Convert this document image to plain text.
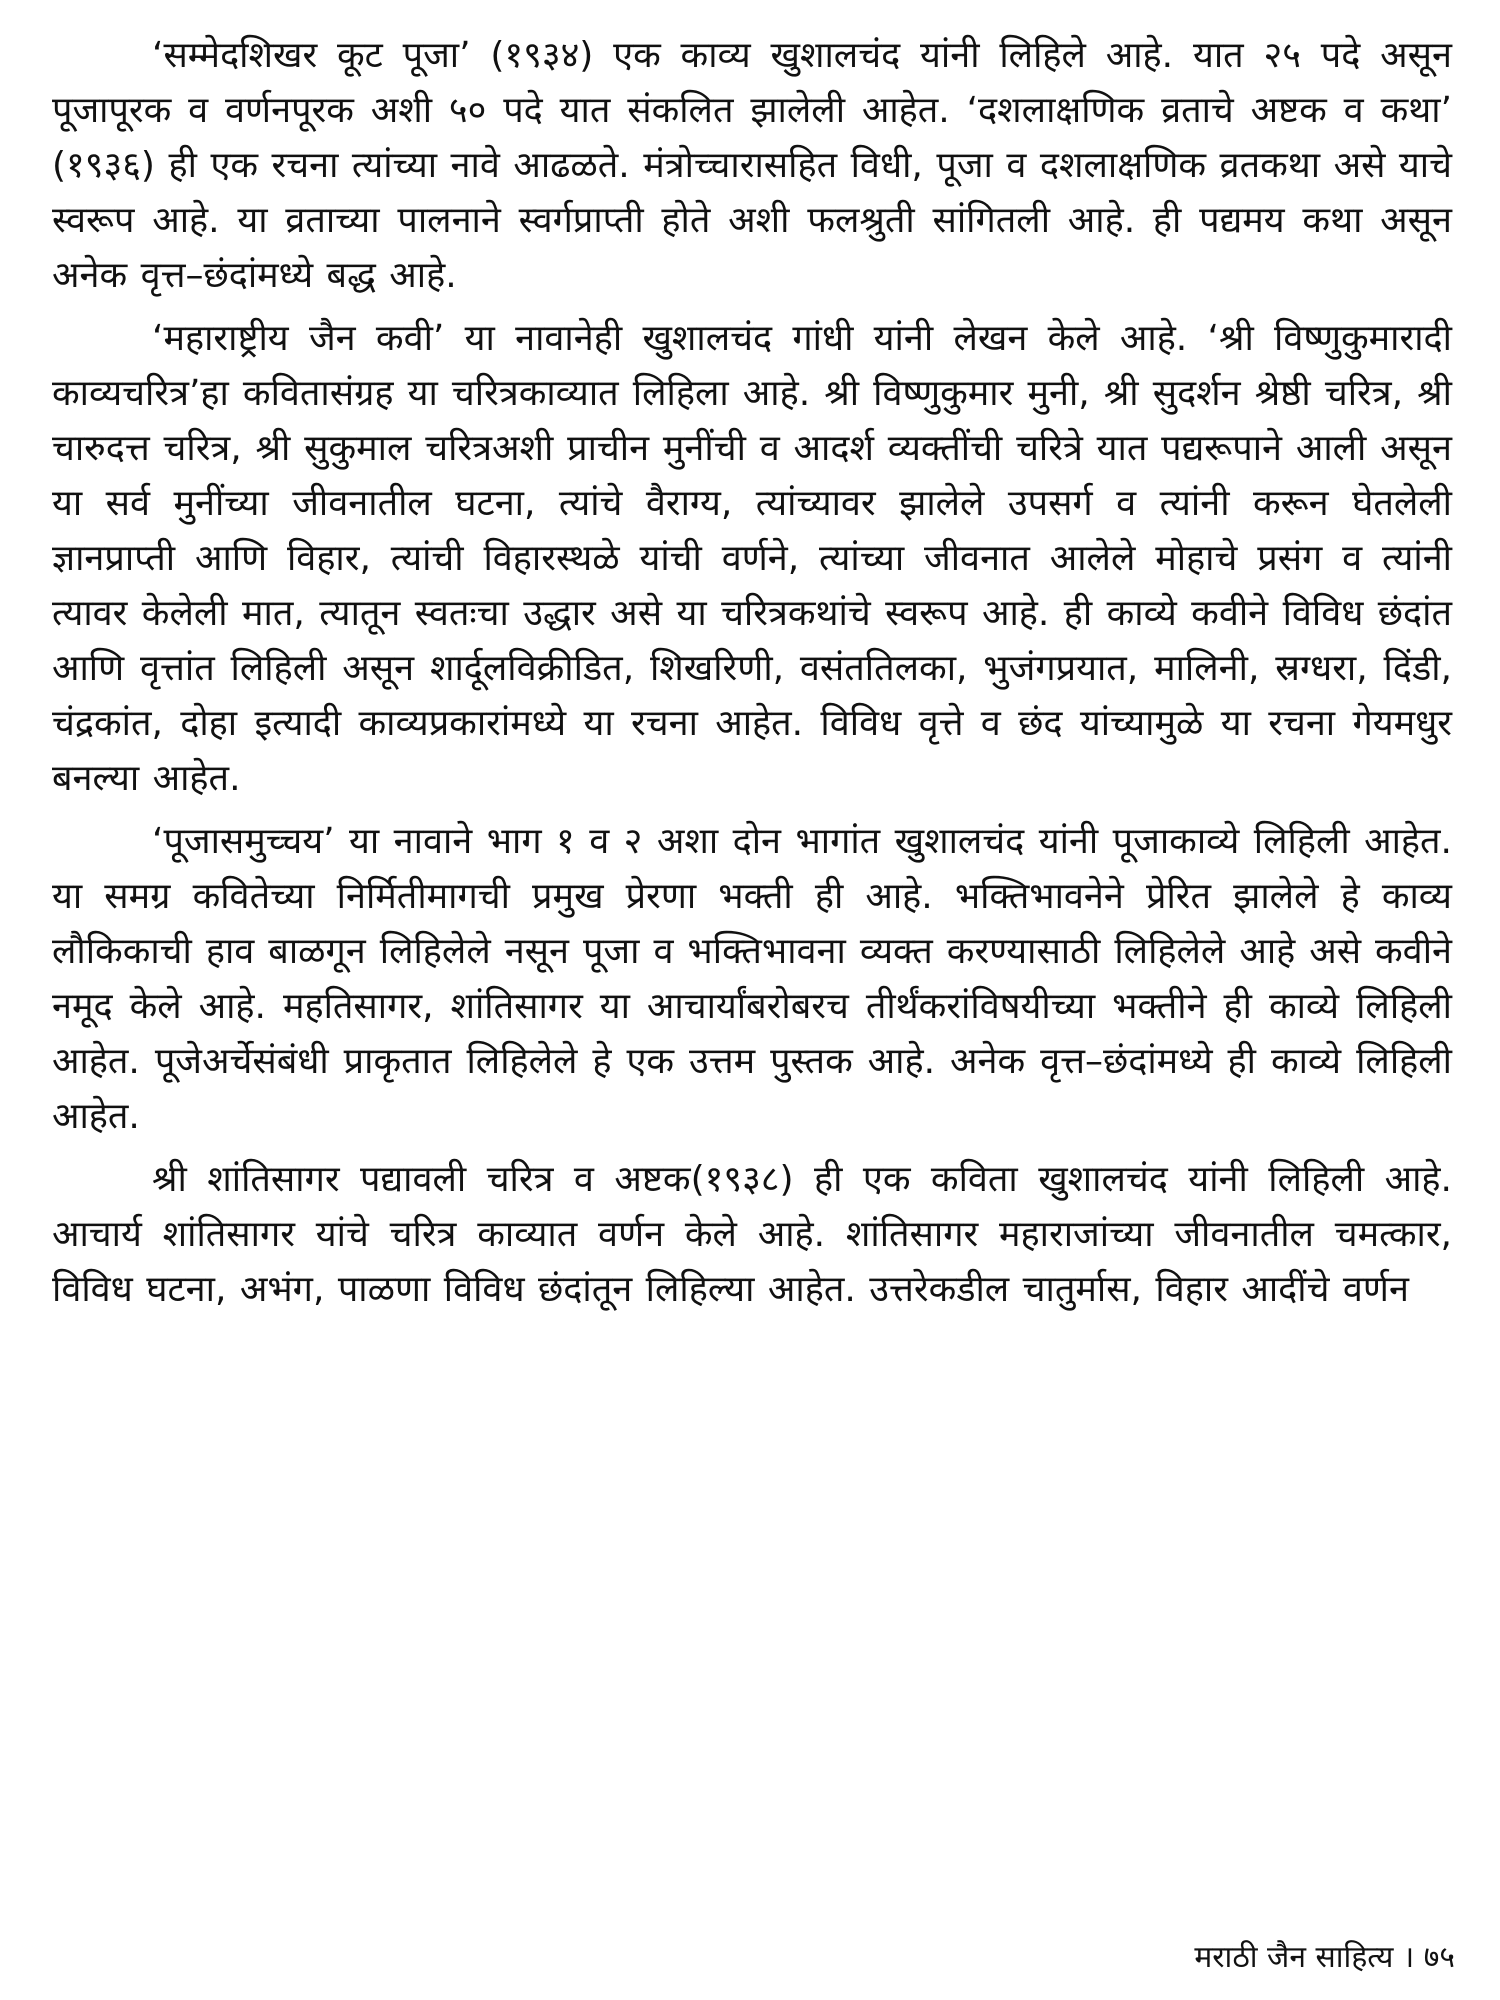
‘सम्मेदशिखर कूट पूजा’ (१९३४) एक काव्य खुशालचंद यांनी लिहिले आहे. यात २५ पदे असून पूजापूरक व वर्णनपूरक अशी ५० पदे यात संकलित झालेली आहेत. ‘दशलाक्षणिक व्रताचे अष्टक व कथा’ (१९३६) ही एक रचना त्यांच्या नावे आढळते. मंत्रोच्चारासहित विधी, पूजा व दशलाक्षणिक व्रतकथा असे याचे स्वरूप आहे. या व्रताच्या पालनाने स्वर्गप्राप्ती होते अशी फलश्रुती सांगितली आहे. ही पद्यमय कथा असून अनेक वृत्त–छंदांमध्ये बद्ध आहे.

‘महाराष्ट्रीय जैन कवी’ या नावानेही खुशालचंद गांधी यांनी लेखन केले आहे. ‘श्री विष्णुकुमारादी काव्यचरित्र’हा कवितासंग्रह या चरित्रकाव्यात लिहिला आहे. श्री विष्णुकुमार मुनी, श्री सुदर्शन श्रेष्ठी चरित्र, श्री चारुदत्त चरित्र, श्री सुकुमाल चरित्रअशी प्राचीन मुनींची व आदर्श व्यक्तींची चरित्रे यात पद्यरूपाने आली असून या सर्व मुनींच्या जीवनातील घटना, त्यांचे वैराग्य, त्यांच्यावर झालेले उपसर्ग व त्यांनी करून घेतलेली ज्ञानप्राप्ती आणि विहार, त्यांची विहारस्थळे यांची वर्णने, त्यांच्या जीवनात आलेले मोहाचे प्रसंग व त्यांनी त्यावर केलेली मात, त्यातून स्वतःचा उद्धार असे या चरित्रकथांचे स्वरूप आहे. ही काव्ये कवीने विविध छंदांत आणि वृत्तांत लिहिली असून शार्दूलविक्रीडित, शिखरिणी, वसंततिलका, भुजंगप्रयात, मालिनी, स्रग्धरा, दिंडी, चंद्रकांत, दोहा इत्यादी काव्यप्रकारांमध्ये या रचना आहेत. विविध वृत्ते व छंद यांच्यामुळे या रचना गेयमधुर बनल्या आहेत.

‘पूजासमुच्चय’ या नावाने भाग १ व २ अशा दोन भागांत खुशालचंद यांनी पूजाकाव्ये लिहिली आहेत. या समग्र कवितेच्या निर्मितीमागची प्रमुख प्रेरणा भक्ती ही आहे. भक्तिभावनेने प्रेरित झालेले हे काव्य लौकिकाची हाव बाळगून लिहिलेले नसून पूजा व भक्तिभावना व्यक्त करण्यासाठी लिहिलेले आहे असे कवीने नमूद केले आहे. महतिसागर, शांतिसागर या आचार्यांबरोबरच तीर्थंकरांविषयीच्या भक्तीने ही काव्ये लिहिली आहेत. पूजेअर्चेसंबंधी प्राकृतात लिहिलेले हे एक उत्तम पुस्तक आहे. अनेक वृत्त–छंदांमध्ये ही काव्ये लिहिली आहेत.

श्री शांतिसागर पद्यावली चरित्र व अष्टक(१९३८) ही एक कविता खुशालचंद यांनी लिहिली आहे. आचार्य शांतिसागर यांचे चरित्र काव्यात वर्णन केले आहे. शांतिसागर महाराजांच्या जीवनातील चमत्कार, विविध घटना, अभंग, पाळणा विविध छंदांतून लिहिल्या आहेत. उत्तरेकडील चातुर्मास, विहार आदींचे वर्णन

मराठी जैन साहित्य । ७५
